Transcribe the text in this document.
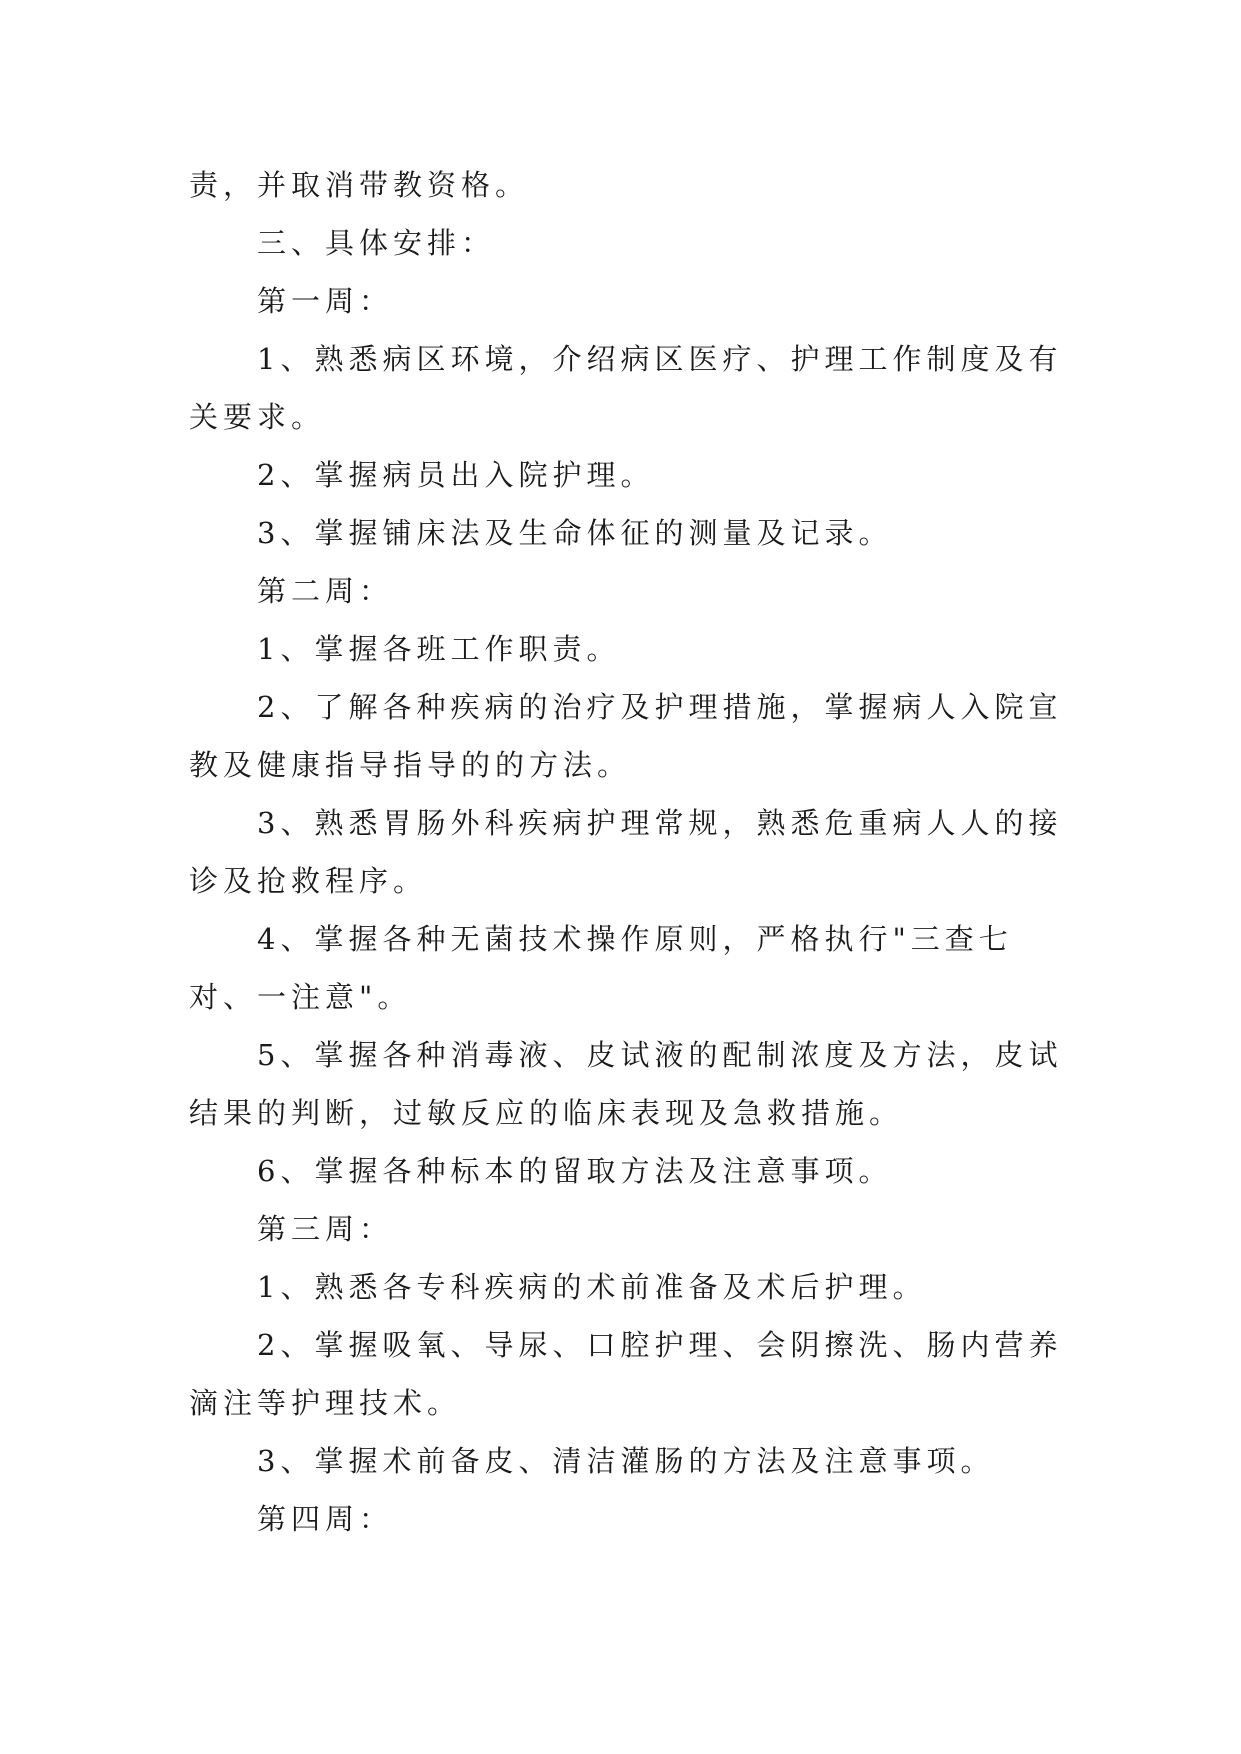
责，并取消带教资格。

三、具体安排：

第一周：

1、熟悉病区环境，介绍病区医疗、护理工作制度及有关要求。

2、掌握病员出入院护理。

3、掌握铺床法及生命体征的测量及记录。

第二周：

1、掌握各班工作职责。

2、了解各种疾病的治疗及护理措施，掌握病人入院宣教及健康指导指导的的方法。

3、熟悉胃肠外科疾病护理常规，熟悉危重病人人的接诊及抢救程序。

4、掌握各种无菌技术操作原则，严格执行"三查七对、一注意"。

5、掌握各种消毒液、皮试液的配制浓度及方法，皮试结果的判断，过敏反应的临床表现及急救措施。

6、掌握各种标本的留取方法及注意事项。

第三周：

1、熟悉各专科疾病的术前准备及术后护理。

2、掌握吸氧、导尿、口腔护理、会阴擦洗、肠内营养滴注等护理技术。

3、掌握术前备皮、清洁灌肠的方法及注意事项。

第四周：
